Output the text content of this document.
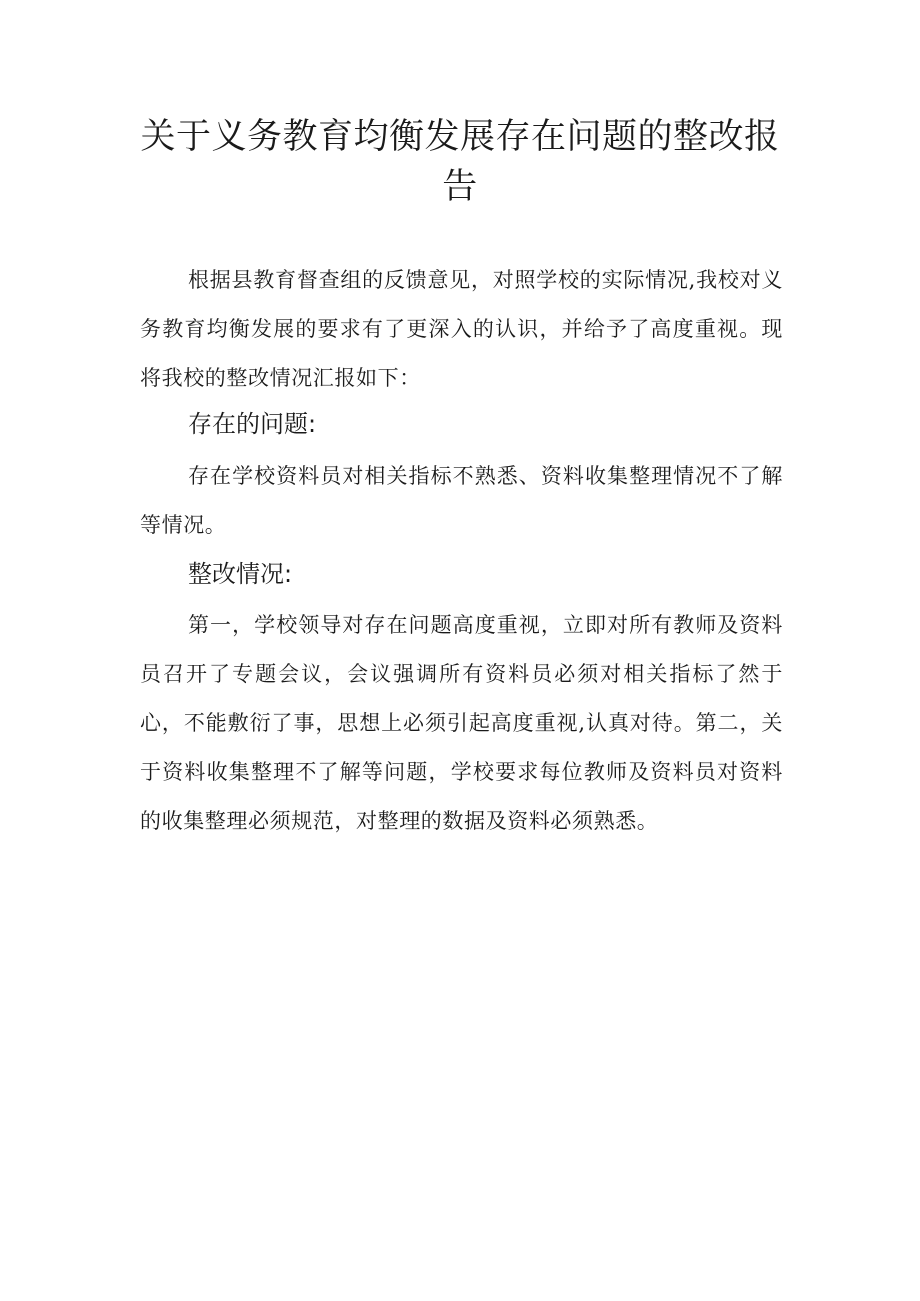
关于义务教育均衡发展存在问题的整改报告

根据县教育督查组的反馈意见，对照学校的实际情况,我校对义务教育均衡发展的要求有了更深入的认识，并给予了高度重视。现将我校的整改情况汇报如下：

存在的问题:

存在学校资料员对相关指标不熟悉、资料收集整理情况不了解等情况。

整改情况:

第一，学校领导对存在问题高度重视，立即对所有教师及资料员召开了专题会议，会议强调所有资料员必须对相关指标了然于心，不能敷衍了事，思想上必须引起高度重视,认真对待。第二，关于资料收集整理不了解等问题，学校要求每位教师及资料员对资料的收集整理必须规范，对整理的数据及资料必须熟悉。
